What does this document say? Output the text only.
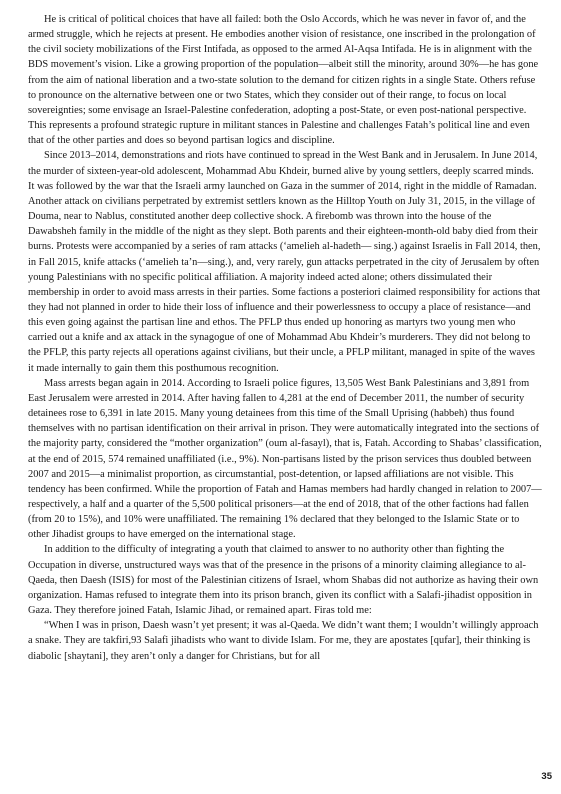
He is critical of political choices that have all failed: both the Oslo Accords, which he was never in favor of, and the armed struggle, which he rejects at present. He embodies another vision of resistance, one inscribed in the prolongation of the civil society mobilizations of the First Intifada, as opposed to the armed Al-Aqsa Intifada. He is in alignment with the BDS movement’s vision. Like a growing proportion of the population—albeit still the minority, around 30%—he has gone from the aim of national liberation and a two-state solution to the demand for citizen rights in a single State. Others refuse to pronounce on the alternative between one or two States, which they consider out of their range, to focus on local sovereignties; some envisage an Israel-Palestine confederation, adopting a post-State, or even post-national perspective. This represents a profound strategic rupture in militant stances in Palestine and challenges Fatah’s political line and even that of the other parties and does so beyond partisan logics and discipline.

Since 2013–2014, demonstrations and riots have continued to spread in the West Bank and in Jerusalem. In June 2014, the murder of sixteen-year-old adolescent, Mohammad Abu Khdeir, burned alive by young settlers, deeply scarred minds. It was followed by the war that the Israeli army launched on Gaza in the summer of 2014, right in the middle of Ramadan. Another attack on civilians perpetrated by extremist settlers known as the Hilltop Youth on July 31, 2015, in the village of Douma, near to Nablus, constituted another deep collective shock. A firebomb was thrown into the house of the Dawabsheh family in the middle of the night as they slept. Both parents and their eighteen-month-old baby died from their burns. Protests were accompanied by a series of ram attacks (‘amelieh al-hadeth— sing.) against Israelis in Fall 2014, then, in Fall 2015, knife attacks (‘amelieh ta’n—sing.), and, very rarely, gun attacks perpetrated in the city of Jerusalem by often young Palestinians with no specific political affiliation. A majority indeed acted alone; others dissimulated their membership in order to avoid mass arrests in their parties. Some factions a posteriori claimed responsibility for actions that they had not planned in order to hide their loss of influence and their powerlessness to occupy a place of resistance—and this even going against the partisan line and ethos. The PFLP thus ended up honoring as martyrs two young men who carried out a knife and ax attack in the synagogue of one of Mohammad Abu Khdeir’s murderers. They did not belong to the PFLP, this party rejects all operations against civilians, but their uncle, a PFLP militant, managed in spite of the waves it made internally to gain them this posthumous recognition.

Mass arrests began again in 2014. According to Israeli police figures, 13,505 West Bank Palestinians and 3,891 from East Jerusalem were arrested in 2014. After having fallen to 4,281 at the end of December 2011, the number of security detainees rose to 6,391 in late 2015. Many young detainees from this time of the Small Uprising (habbeh) thus found themselves with no partisan identification on their arrival in prison. They were automatically integrated into the sections of the majority party, considered the “mother organization” (oum al-fasayl), that is, Fatah. According to Shabas’ classification, at the end of 2015, 574 remained unaffiliated (i.e., 9%). Non-partisans listed by the prison services thus doubled between 2007 and 2015—a minimalist proportion, as circumstantial, post-detention, or lapsed affiliations are not visible. This tendency has been confirmed. While the proportion of Fatah and Hamas members had hardly changed in relation to 2007—respectively, a half and a quarter of the 5,500 political prisoners—at the end of 2018, that of the other factions had fallen (from 20 to 15%), and 10% were unaffiliated. The remaining 1% declared that they belonged to the Islamic State or to other Jihadist groups to have emerged on the international stage.

In addition to the difficulty of integrating a youth that claimed to answer to no authority other than fighting the Occupation in diverse, unstructured ways was that of the presence in the prisons of a minority claiming allegiance to al-Qaeda, then Daesh (ISIS) for most of the Palestinian citizens of Israel, whom Shabas did not authorize as having their own organization. Hamas refused to integrate them into its prison branch, given its conflict with a Salafi-jihadist opposition in Gaza. They therefore joined Fatah, Islamic Jihad, or remained apart. Firas told me:

“When I was in prison, Daesh wasn’t yet present; it was al-Qaeda. We didn’t want them; I wouldn’t willingly approach a snake. They are takfiri,93 Salafi jihadists who want to divide Islam. For me, they are apostates [qufar], their thinking is diabolic [shaytani], they aren’t only a danger for Christians, but for all

35
